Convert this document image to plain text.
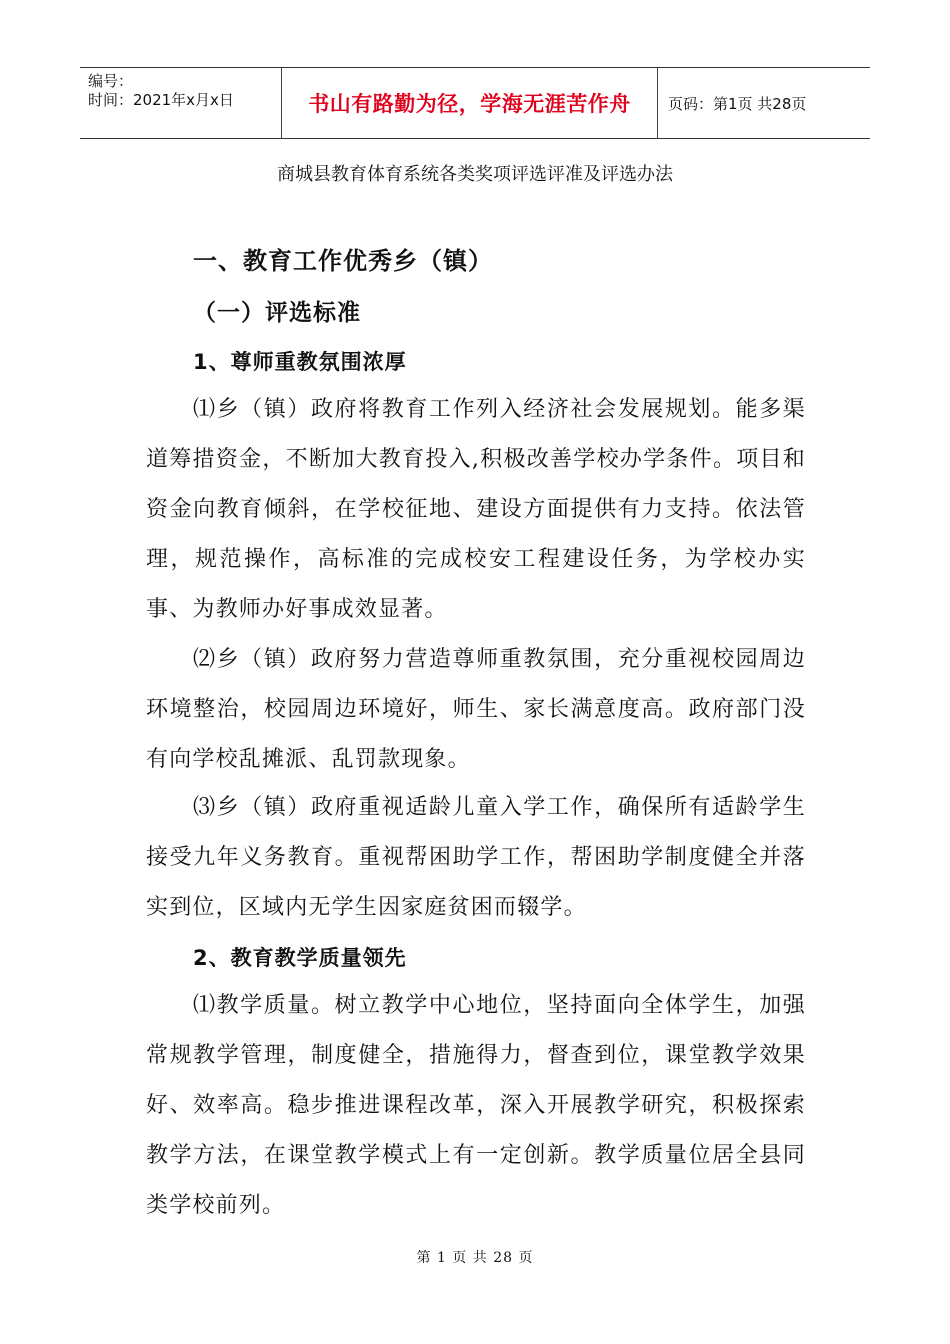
编号：
时间：2021年x月x日	书山有路勤为径，学海无涯苦作舟	页码：第1页 共28页
商城县教育体育系统各类奖项评选评准及评选办法
一、教育工作优秀乡（镇）
（一）评选标准
1、尊师重教氛围浓厚
⑴乡（镇）政府将教育工作列入经济社会发展规划。能多渠道筹措资金，不断加大教育投入,积极改善学校办学条件。项目和资金向教育倾斜，在学校征地、建设方面提供有力支持。依法管理，规范操作，高标准的完成校安工程建设任务，为学校办实事、为教师办好事成效显著。
⑵乡（镇）政府努力营造尊师重教氛围，充分重视校园周边环境整治，校园周边环境好，师生、家长满意度高。政府部门没有向学校乱摊派、乱罚款现象。
⑶乡（镇）政府重视适龄儿童入学工作，确保所有适龄学生接受九年义务教育。重视帮困助学工作，帮困助学制度健全并落实到位，区域内无学生因家庭贫困而辍学。
2、教育教学质量领先
⑴教学质量。树立教学中心地位，坚持面向全体学生，加强常规教学管理，制度健全，措施得力，督查到位，课堂教学效果好、效率高。稳步推进课程改革，深入开展教学研究，积极探索教学方法，在课堂教学模式上有一定创新。教学质量位居全县同类学校前列。
第 1 页 共 28 页
